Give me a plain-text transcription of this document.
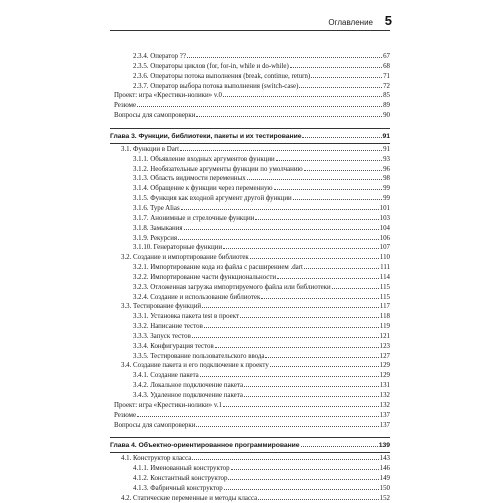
Оглавление 5
2.3.4. Оператор ??	67
2.3.5. Операторы циклов (for, for-in, while и do-while)	68
2.3.6. Операторы потока выполнения (break, continue, return)	71
2.3.7. Оператор выбора потока выполнения (switch-case)	72
Проект: игра «Крестики-нолики» v.0	85
Резюме	89
Вопросы для самопроверки	90
Глава 3. Функции, библиотеки, пакеты и их тестирование	91
3.1. Функции в Dart	91
3.1.1. Объявление входных аргументов функции	93
3.1.2. Необязательные аргументы функции по умолчанию	96
3.1.3. Область видимости переменных	98
3.1.4. Обращение к функции через переменную	99
3.1.5. Функция как входной аргумент другой функции	99
3.1.6. Type Alias	101
3.1.7. Анонимные и стрелочные функции	103
3.1.8. Замыкания	104
3.1.9. Рекурсия	106
3.1.10. Генераторные функции	107
3.2. Создание и импортирование библиотек	110
3.2.1. Импортирование кода из файла с расширением .dart	111
3.2.2. Импортирование части функциональности	114
3.2.3. Отложенная загрузка импортируемого файла или библиотеки	115
3.2.4. Создание и использование библиотек	115
3.3. Тестирование функций	117
3.3.1. Установка пакета test в проект	118
3.3.2. Написание тестов	119
3.3.3. Запуск тестов	121
3.3.4. Конфигурация тестов	123
3.3.5. Тестирование пользовательского ввода	127
3.4. Создание пакета и его подключение к проекту	129
3.4.1. Создание пакета	129
3.4.2. Локальное подключение пакета	131
3.4.3. Удаленное подключение пакета	132
Проект: игра «Крестики-нолики» v.1	132
Резюме	137
Вопросы для самопроверки	137
Глава 4. Объектно-ориентированное программирование	139
4.1. Конструктор класса	143
4.1.1. Именованный конструктор	146
4.1.2. Константный конструктор	149
4.1.3. Фабричный конструктор	150
4.2. Статические переменные и методы класса	152
